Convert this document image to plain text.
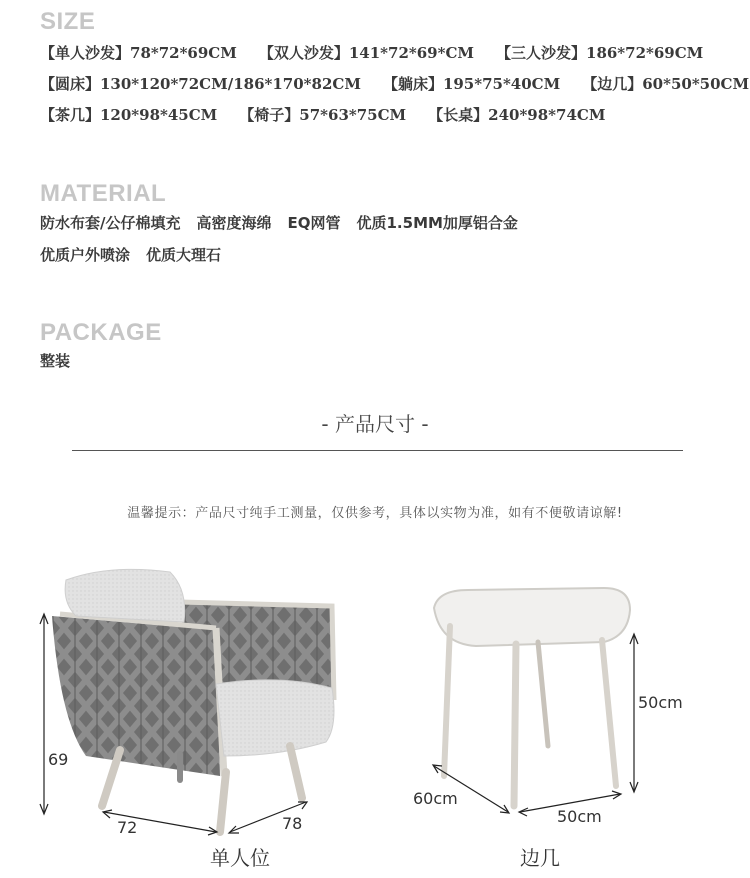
SIZE
【单人沙发】78*72*69CM 【双人沙发】141*72*69*CM 【三人沙发】186*72*69CM
【圆床】130*120*72CM/186*170*82CM 【躺床】195*75*40CM 【边几】60*50*50CM
【茶几】120*98*45CM 【椅子】57*63*75CM 【长桌】240*98*74CM
MATERIAL
防水布套/公仔棉填充 高密度海绵 EQ网管 优质1.5MM加厚铝合金
优质户外喷涂 优质大理石
PACKAGE
整装
- 产品尺寸 -
温馨提示：产品尺寸纯手工测量，仅供参考，具体以实物为准，如有不便敬请谅解!
69
72	78
单人位
50cm
60cm
50cm
边几
